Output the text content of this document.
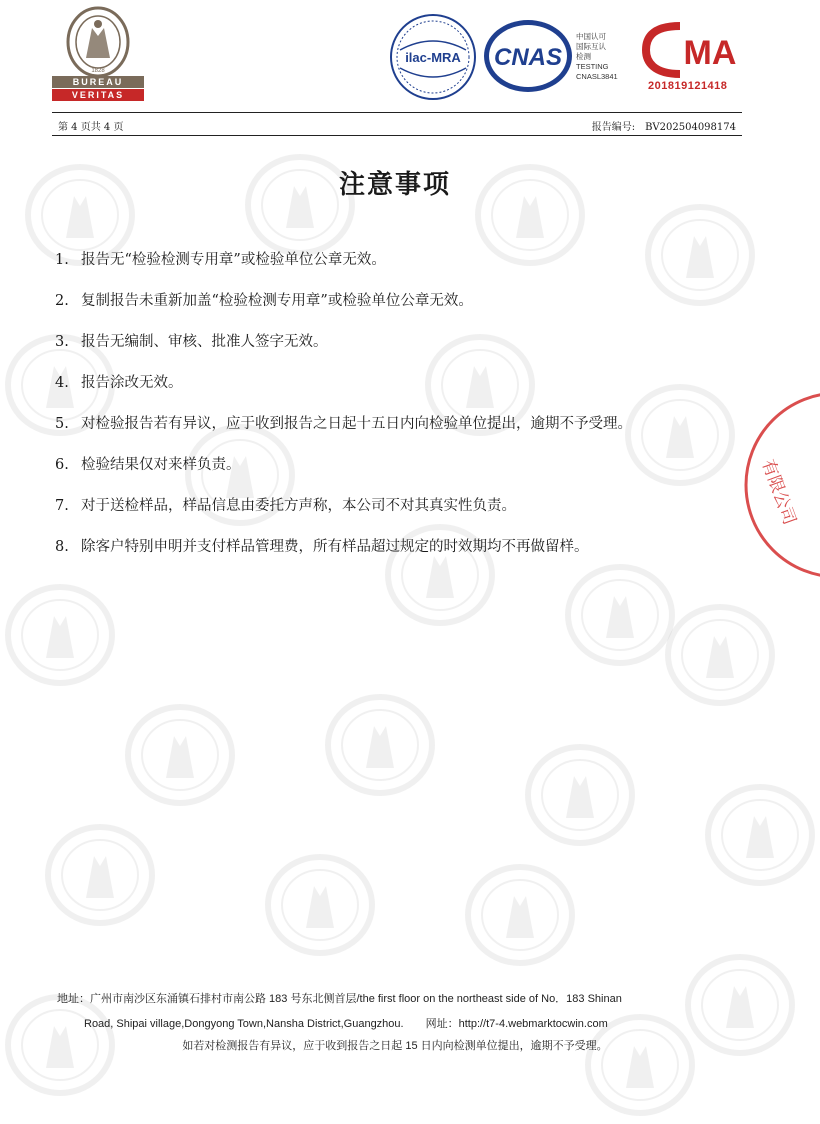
1828
BUREAU
VERITAS
ilac-MRA CNAS
中国认可
国际互认
检测
TESTING
CNASL3841
MA
201819121418
第 4 页共 4 页	报告编号:　BV202504098174
注意事项
1. 报告无“检验检测专用章”或检验单位公章无效。
2. 复制报告未重新加盖“检验检测专用章”或检验单位公章无效。
3. 报告无编制、审核、批准人签字无效。
4. 报告涂改无效。
5. 对检验报告若有异议，应于收到报告之日起十五日内向检验单位提出，逾期不予受理。
6. 检验结果仅对来样负责。
7. 对于送检样品，样品信息由委托方声称，本公司不对其真实性负责。
8. 除客户特别申明并支付样品管理费，所有样品超过规定的时效期均不再做留样。
有限公司
地址：广州市南沙区东涌镇石排村市南公路 183 号东北侧首层/the first floor on the northeast side of No．183 Shinan
Road, Shipai village,Dongyong Town,Nansha District,Guangzhou.　　网址：http://t7-4.webmarktocwin.com
如若对检测报告有异议，应于收到报告之日起 15 日内向检测单位提出，逾期不予受理。
